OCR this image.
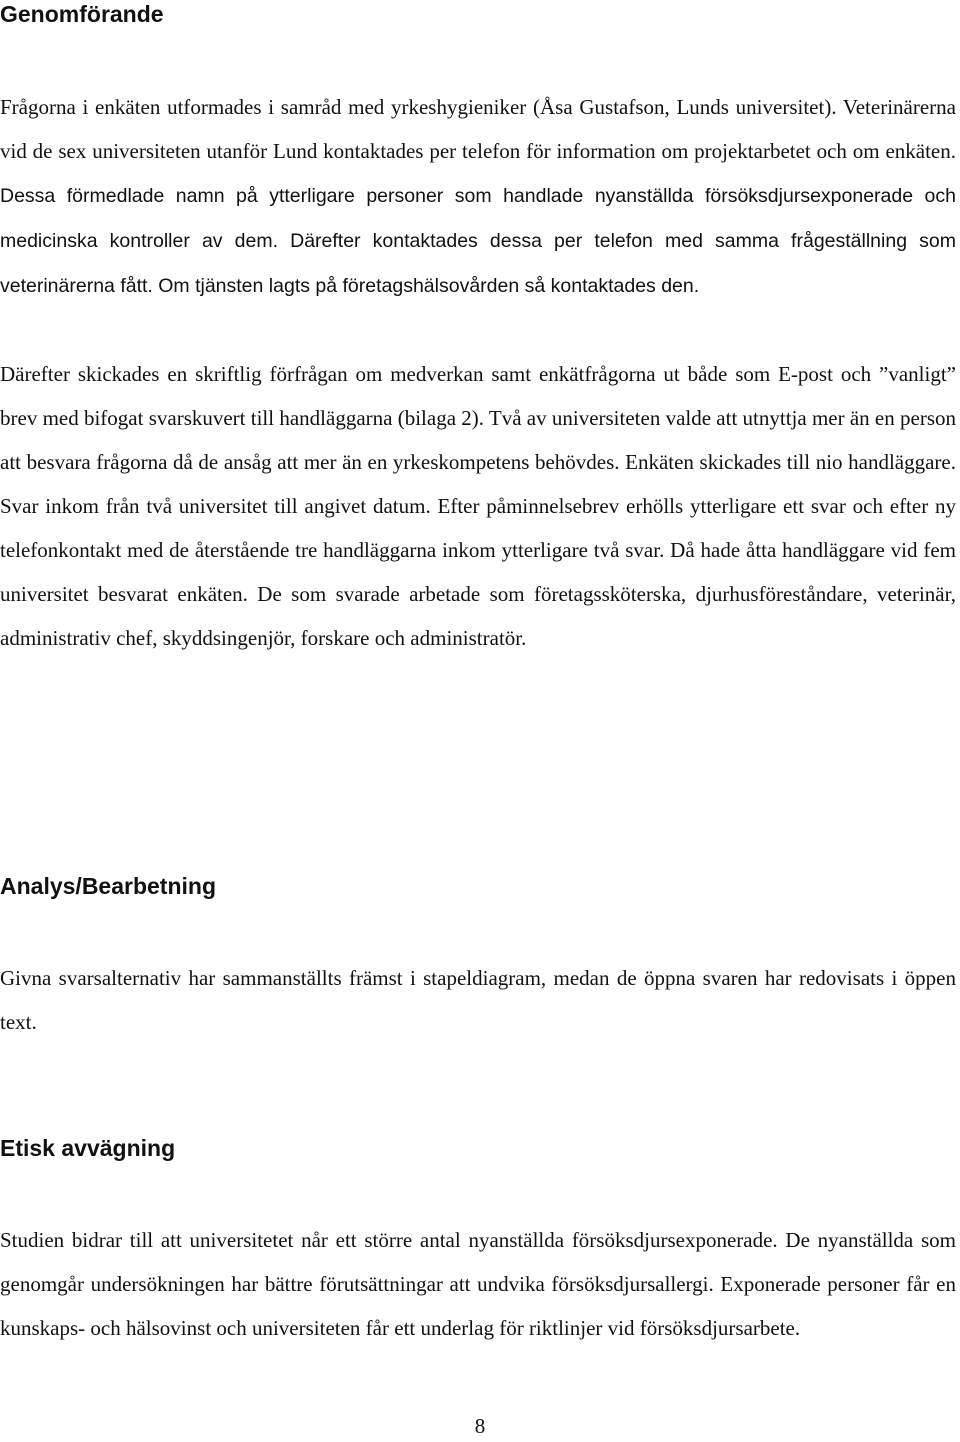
Genomförande

Frågorna i enkäten utformades i samråd med yrkeshygieniker (Åsa Gustafson, Lunds universitet). Veterinärerna vid de sex universiteten utanför Lund kontaktades per telefon för information om projektarbetet och om enkäten. Dessa förmedlade namn på ytterligare personer som handlade nyanställda försöksdjursexponerade och medicinska kontroller av dem. Därefter kontaktades dessa per telefon med samma frågeställning som veterinärerna fått. Om tjänsten lagts på företagshälsovården så kontaktades den.

Därefter skickades en skriftlig förfrågan om medverkan samt enkätfrågorna ut både som E-post och ”vanligt” brev med bifogat svarskuvert till handläggarna (bilaga 2). Två av universiteten valde att utnyttja mer än en person att besvara frågorna då de ansåg att mer än en yrkeskompetens behövdes. Enkäten skickades till nio handläggare. Svar inkom från två universitet till angivet datum. Efter påminnelsebrev erhölls ytterligare ett svar och efter ny telefonkontakt med de återstående tre handläggarna inkom ytterligare två svar. Då hade åtta handläggare vid fem universitet besvarat enkäten. De som svarade arbetade som företagssköterska, djurhusföreståndare, veterinär, administrativ chef, skyddsingenjör, forskare och administratör.

Analys/Bearbetning

Givna svarsalternativ har sammanställts främst i stapeldiagram, medan de öppna svaren har redovisats i öppen text.

Etisk avvägning

Studien bidrar till att universitetet når ett större antal nyanställda försöksdjursexponerade. De nyanställda som genomgår undersökningen har bättre förutsättningar att undvika försöksdjursallergi. Exponerade personer får en kunskaps- och hälsovinst och universiteten får ett underlag för riktlinjer vid försöksdjursarbete.

8
